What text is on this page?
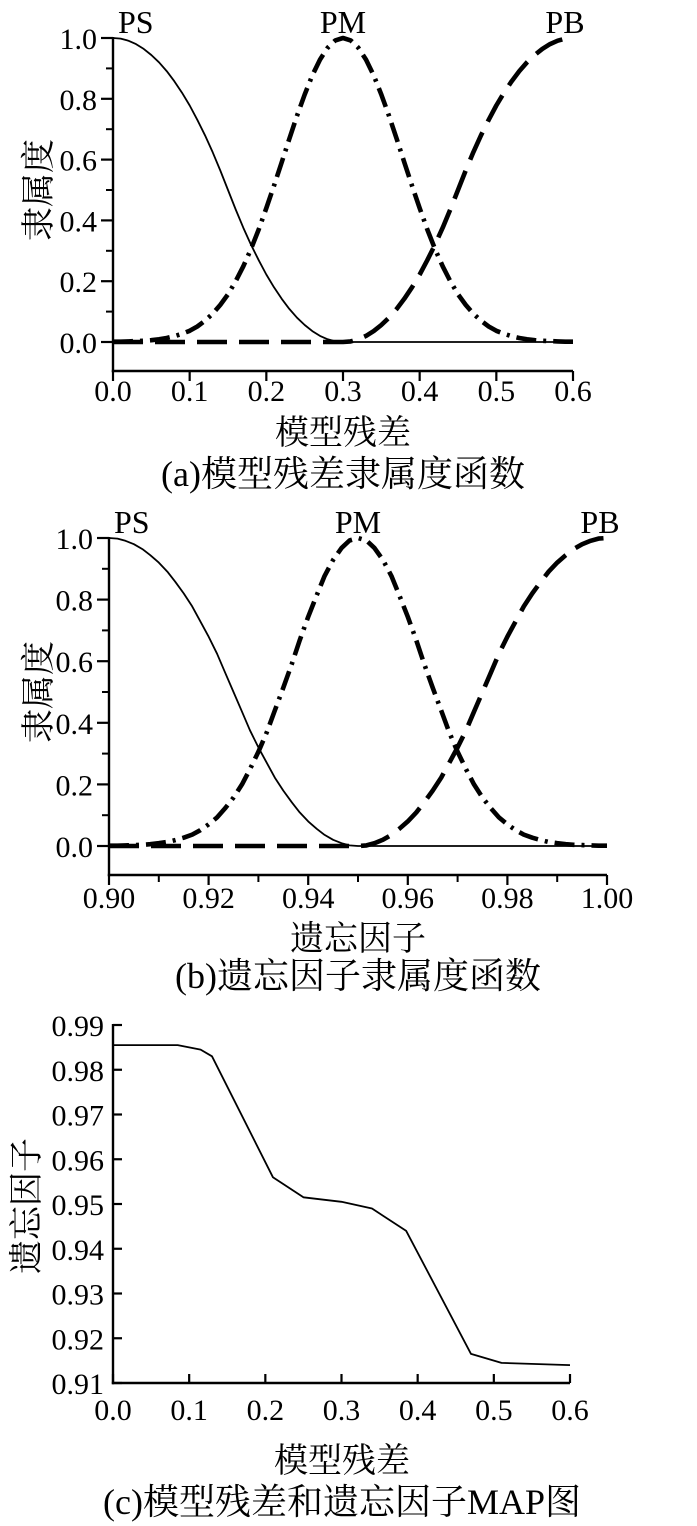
0.0 0.1 0.2 0.3 0.4 0.5 0.6
0.0
0.2
0.4
0.6
0.8
1.0 PS	PM	PB
隶属度
模型残差
(a)模型残差隶属度函数
0.90 0.92 0.94 0.96 0.98 1.00
0.0
0.2
0.4
0.6
0.8
1.0 PS	PM	PB
隶属度
遗忘因子
(b)遗忘因子隶属度函数
0.0 0.1 0.2 0.3 0.4 0.5 0.6
0.91
0.92
0.93
0.94
0.95
0.96
0.97
0.98
0.99
遗忘因子
模型残差
(c)模型残差和遗忘因子MAP图
